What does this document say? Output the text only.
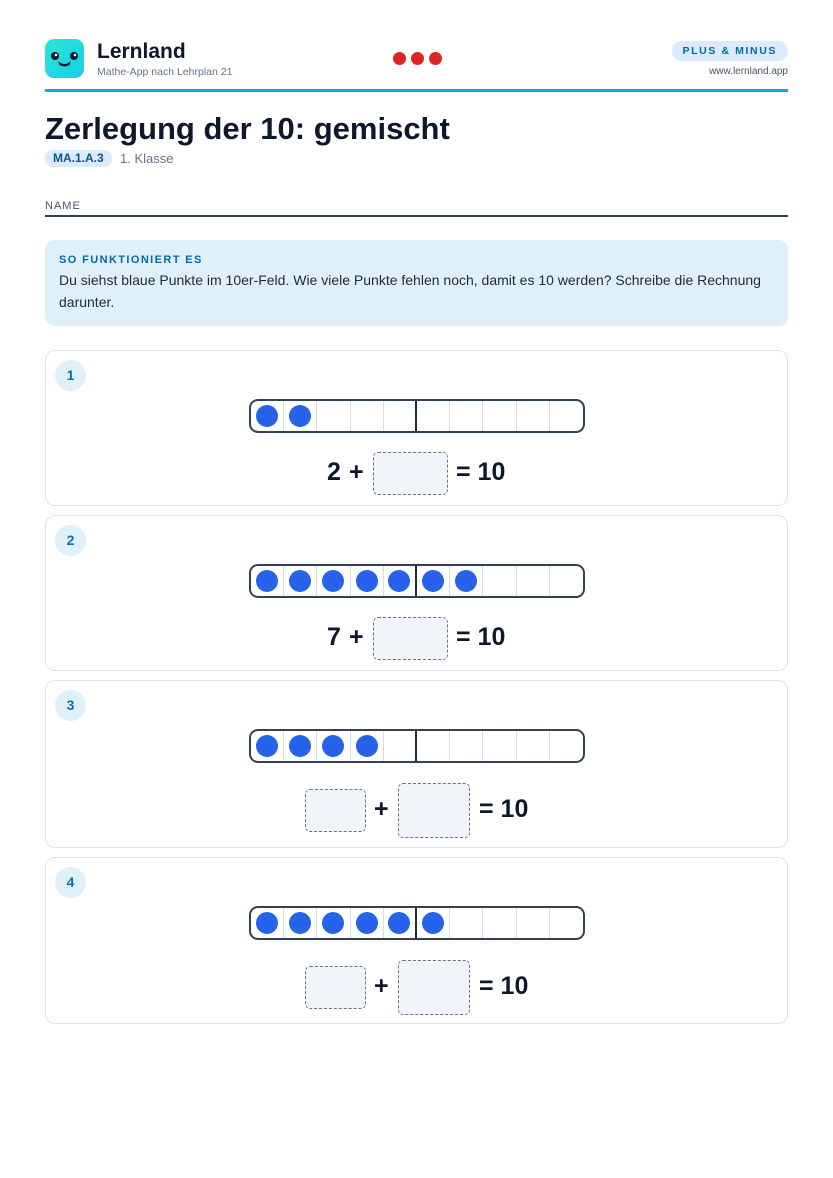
Lernland
Mathe-App nach Lehrplan 21
PLUS & MINUS
www.lernland.app
Zerlegung der 10: gemischt
MA.1.A.3	1. Klasse
NAME
SO FUNKTIONIERT ES
Du siehst blaue Punkte im 10er-Feld. Wie viele Punkte fehlen noch, damit es 10 werden? Schreibe die Rechnung darunter.
1
2 +	= 10
2
7 +	= 10
3
+	= 10
4
+	= 10
